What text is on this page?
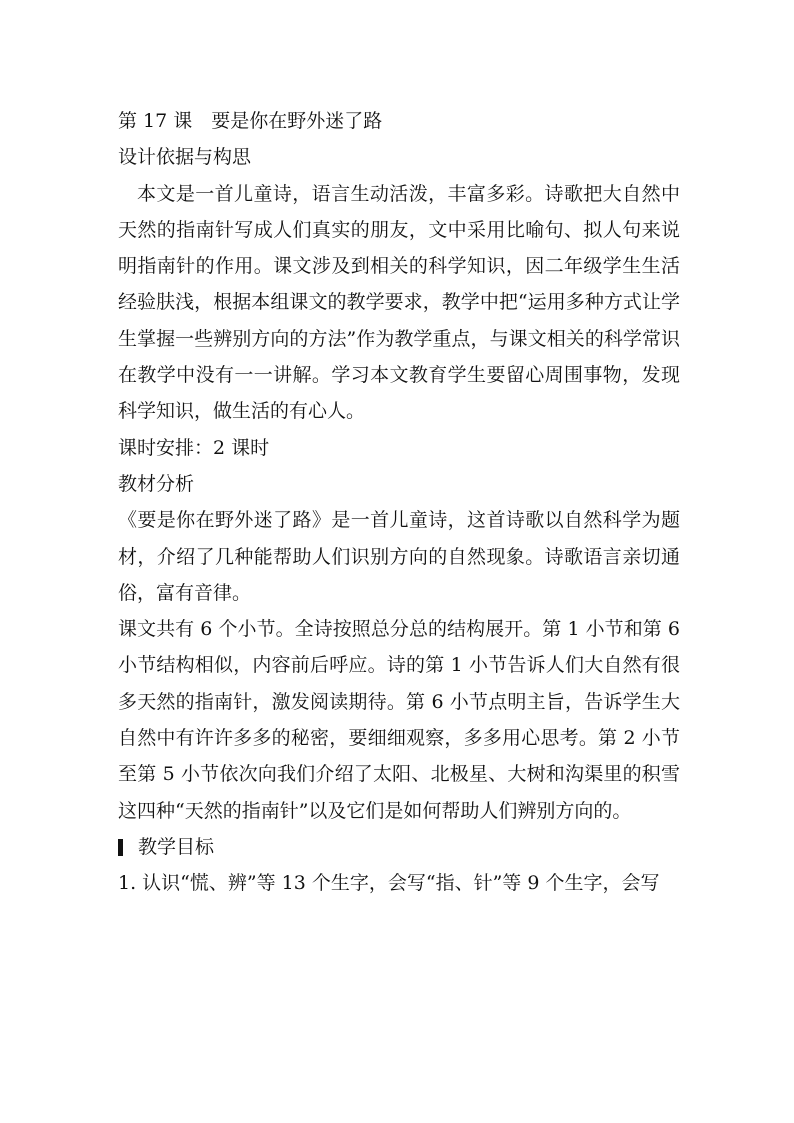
第 17 课　要是你在野外迷了路

设计依据与构思

本文是一首儿童诗，语言生动活泼，丰富多彩。诗歌把大自然中天然的指南针写成人们真实的朋友，文中采用比喻句、拟人句来说明指南针的作用。课文涉及到相关的科学知识，因二年级学生生活经验肤浅，根据本组课文的教学要求，教学中把“运用多种方式让学生掌握一些辨别方向的方法”作为教学重点，与课文相关的科学常识在教学中没有一一讲解。学习本文教育学生要留心周围事物，发现科学知识，做生活的有心人。

课时安排：2 课时

教材分析

《要是你在野外迷了路》是一首儿童诗，这首诗歌以自然科学为题材，介绍了几种能帮助人们识别方向的自然现象。诗歌语言亲切通俗，富有音律。

课文共有 6 个小节。全诗按照总分总的结构展开。第 1 小节和第 6 小节结构相似，内容前后呼应。诗的第 1 小节告诉人们大自然有很多天然的指南针，激发阅读期待。第 6 小节点明主旨，告诉学生大自然中有许许多多的秘密，要细细观察，多多用心思考。第 2 小节至第 5 小节依次向我们介绍了太阳、北极星、大树和沟渠里的积雪这四种“天然的指南针”以及它们是如何帮助人们辨别方向的。

教学目标

1. 认识“慌、辨”等 13 个生字，会写“指、针”等 9 个生字，会写
